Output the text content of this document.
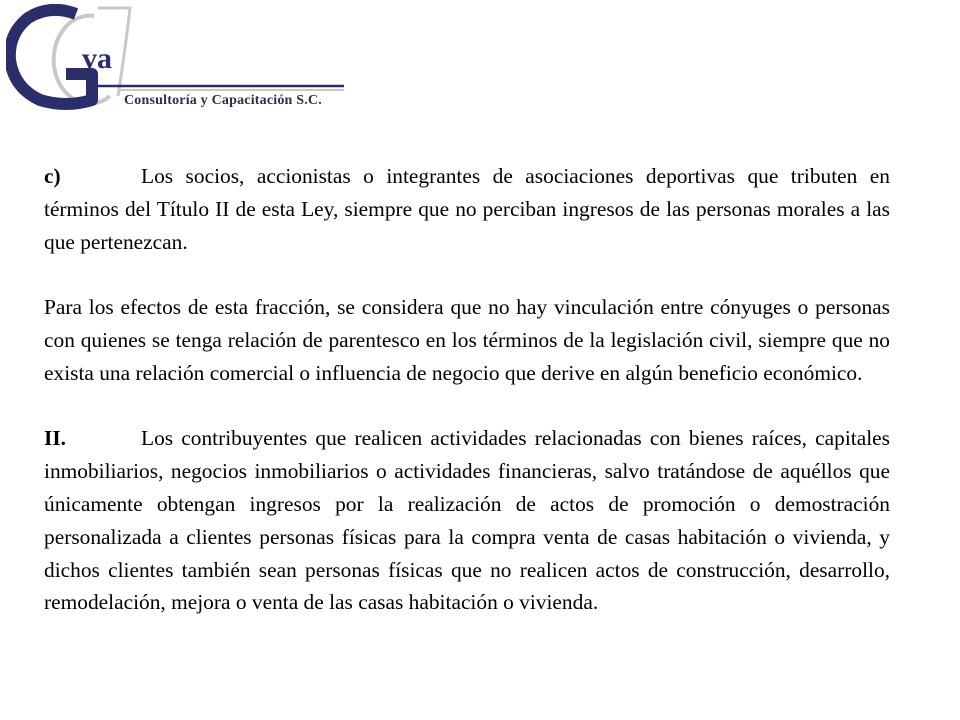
va
Consultoría y Capacitación S.C.

c)	Los socios, accionistas o integrantes de asociaciones deportivas que tributen en términos del Título II de esta Ley, siempre que no perciban ingresos de las personas morales a las que pertenezcan.

Para los efectos de esta fracción, se considera que no hay vinculación entre cónyuges o personas con quienes se tenga relación de parentesco en los términos de la legislación civil, siempre que no exista una relación comercial o influencia de negocio que derive en algún beneficio económico.

II.	Los contribuyentes que realicen actividades relacionadas con bienes raíces, capitales inmobiliarios, negocios inmobiliarios o actividades financieras, salvo tratándose de aquéllos que únicamente obtengan ingresos por la realización de actos de promoción o demostración personalizada a clientes personas físicas para la compra venta de casas habitación o vivienda, y dichos clientes también sean personas físicas que no realicen actos de construcción, desarrollo, remodelación, mejora o venta de las casas habitación o vivienda.
